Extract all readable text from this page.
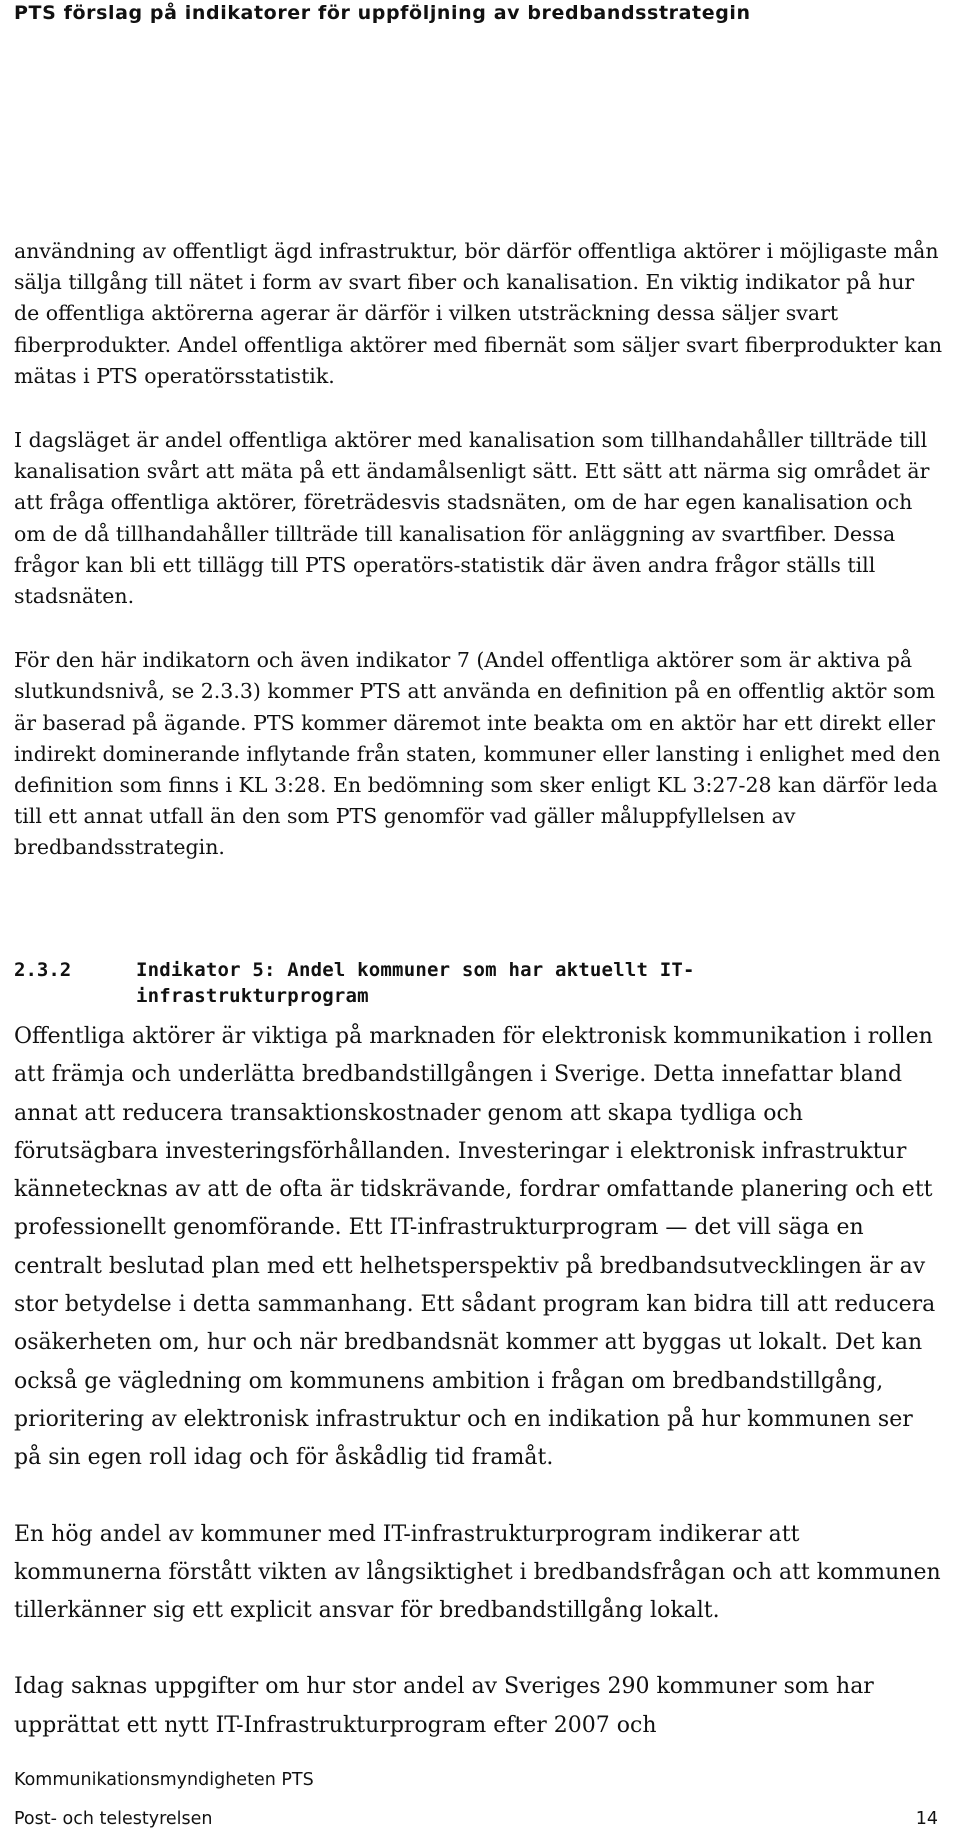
PTS förslag på indikatorer för uppföljning av bredbandsstrategin

användning av offentligt ägd infrastruktur, bör därför offentliga aktörer i möjligaste mån sälja tillgång till nätet i form av svart fiber och kanalisation. En viktig indikator på hur de offentliga aktörerna agerar är därför i vilken utsträckning dessa säljer svart fiberprodukter. Andel offentliga aktörer med fibernät som säljer svart fiberprodukter kan mätas i PTS operatörsstatistik.

I dagsläget är andel offentliga aktörer med kanalisation som tillhandahåller tillträde till kanalisation svårt att mäta på ett ändamålsenligt sätt. Ett sätt att närma sig området är att fråga offentliga aktörer, företrädesvis stadsnäten, om de har egen kanalisation och om de då tillhandahåller tillträde till kanalisation för anläggning av svartfiber. Dessa frågor kan bli ett tillägg till PTS operatörs-statistik där även andra frågor ställs till stadsnäten.

För den här indikatorn och även indikator 7 (Andel offentliga aktörer som är aktiva på slutkundsnivå, se 2.3.3) kommer PTS att använda en definition på en offentlig aktör som är baserad på ägande. PTS kommer däremot inte beakta om en aktör har ett direkt eller indirekt dominerande inflytande från staten, kommuner eller lansting i enlighet med den definition som finns i KL 3:28. En bedömning som sker enligt KL 3:27-28 kan därför leda till ett annat utfall än den som PTS genomför vad gäller måluppfyllelsen av bredbandsstrategin.

2.3.2	Indikator 5: Andel kommuner som har aktuellt IT-infrastrukturprogram

Offentliga aktörer är viktiga på marknaden för elektronisk kommunikation i rollen att främja och underlätta bredbandstillgången i Sverige. Detta innefattar bland annat att reducera transaktionskostnader genom att skapa tydliga och förutsägbara investeringsförhållanden. Investeringar i elektronisk infrastruktur kännetecknas av att de ofta är tidskrävande, fordrar omfattande planering och ett professionellt genomförande. Ett IT-infrastrukturprogram — det vill säga en centralt beslutad plan med ett helhetsperspektiv på bredbandsutvecklingen är av stor betydelse i detta sammanhang. Ett sådant program kan bidra till att reducera osäkerheten om, hur och när bredbandsnät kommer att byggas ut lokalt. Det kan också ge vägledning om kommunens ambition i frågan om bredbandstillgång, prioritering av elektronisk infrastruktur och en indikation på hur kommunen ser på sin egen roll idag och för åskådlig tid framåt.

En hög andel av kommuner med IT-infrastrukturprogram indikerar att kommunerna förstått vikten av långsiktighet i bredbandsfrågan och att kommunen tillerkänner sig ett explicit ansvar för bredbandstillgång lokalt.

Idag saknas uppgifter om hur stor andel av Sveriges 290 kommuner som har upprättat ett nytt IT-Infrastrukturprogram efter 2007 och

Kommunikationsmyndigheten PTS
Post- och telestyrelsen	14
